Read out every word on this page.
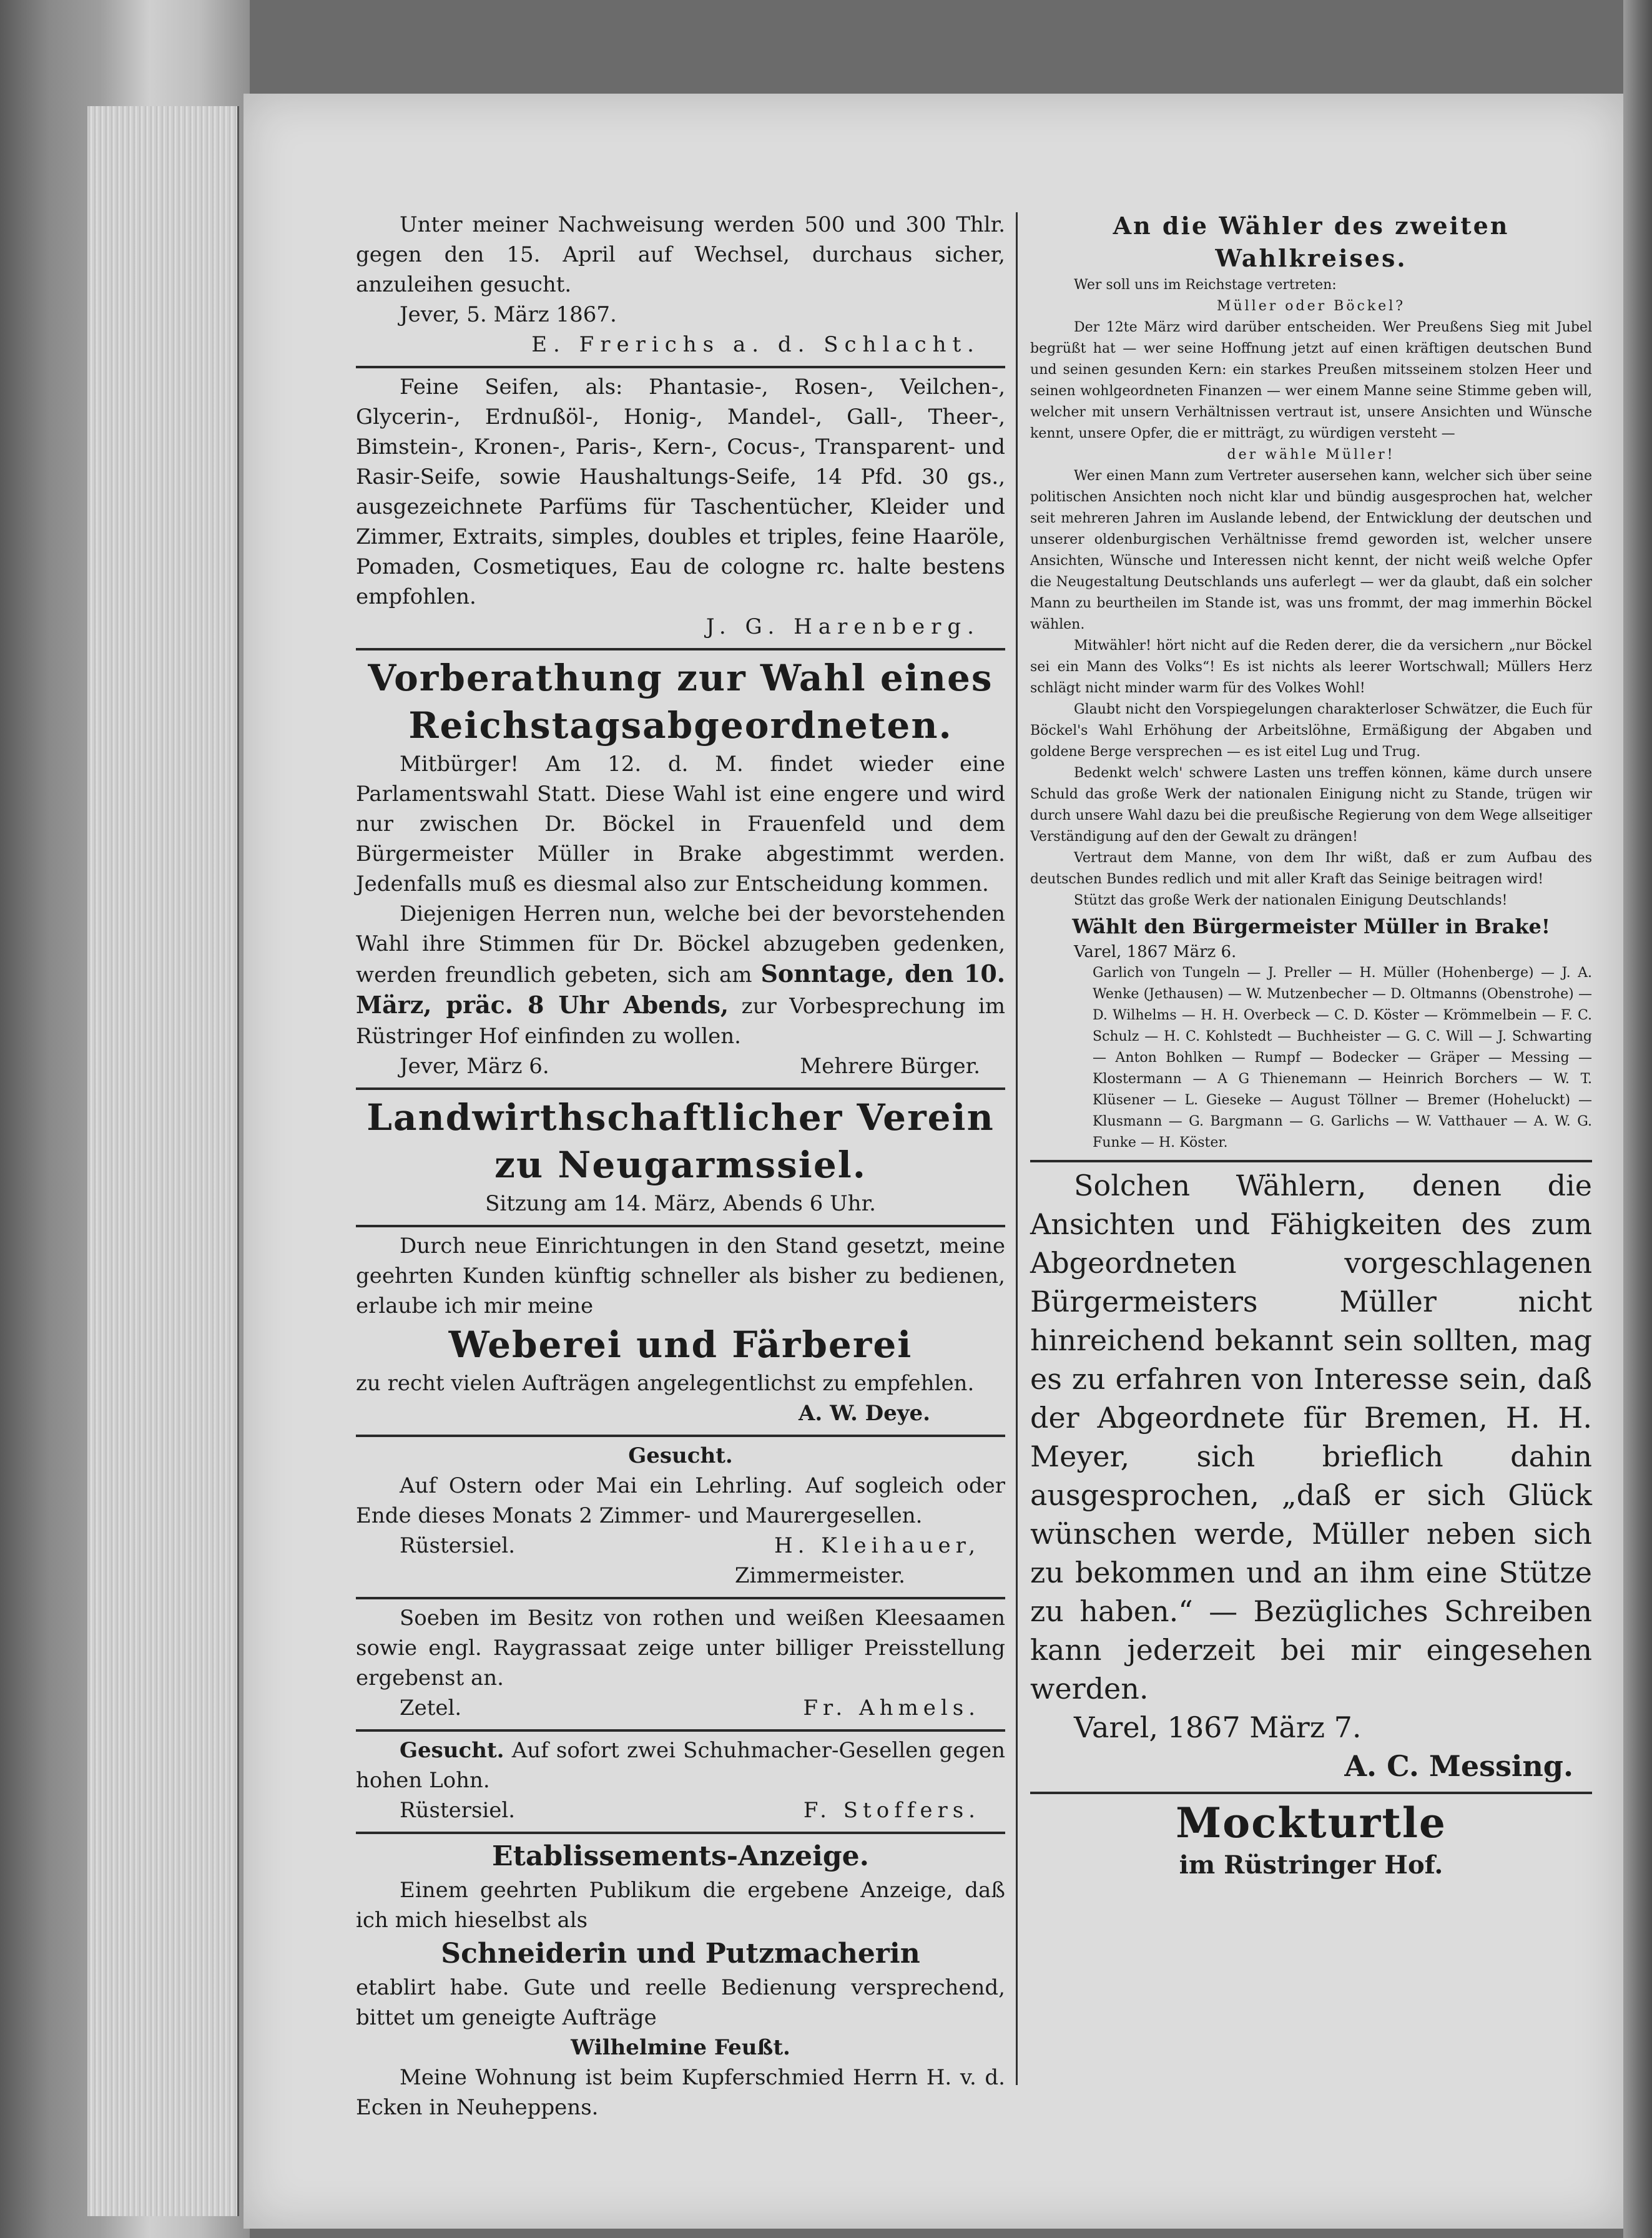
Unter meiner Nachweisung werden 500 und 300 Thlr. gegen den 15. April auf Wechsel, durchaus sicher, anzuleihen gesucht.

Jever, 5. März 1867.

E. Frerichs a. d. Schlacht.

Feine Seifen, als: Phantasie-, Rosen-, Veilchen-, Glycerin-, Erdnußöl-, Honig-, Mandel-, Gall-, Theer-, Bimstein-, Kronen-, Paris-, Kern-, Cocus-, Transparent- und Rasir-Seife, sowie Haushaltungs-Seife, 14 Pfd. 30 gs., ausgezeichnete Parfüms für Taschentücher, Kleider und Zimmer, Extraits, simples, doubles et triples, feine Haaröle, Pomaden, Cosmetiques, Eau de cologne rc. halte bestens empfohlen.

J. G. Harenberg.

Vorberathung zur Wahl eines Reichstagsabgeordneten.

Mitbürger! Am 12. d. M. findet wieder eine Parlamentswahl Statt. Diese Wahl ist eine engere und wird nur zwischen Dr. Böckel in Frauenfeld und dem Bürgermeister Müller in Brake abgestimmt werden. Jedenfalls muß es diesmal also zur Entscheidung kommen.

Diejenigen Herren nun, welche bei der bevorstehenden Wahl ihre Stimmen für Dr. Böckel abzugeben gedenken, werden freundlich gebeten, sich am Sonntage, den 10. März, präc. 8 Uhr Abends, zur Vorbesprechung im Rüstringer Hof einfinden zu wollen.

Jever, März 6.	Mehrere Bürger.

Landwirthschaftlicher Verein zu Neugarmssiel.

Sitzung am 14. März, Abends 6 Uhr.

Durch neue Einrichtungen in den Stand gesetzt, meine geehrten Kunden künftig schneller als bisher zu bedienen, erlaube ich mir meine

Weberei und Färberei

zu recht vielen Aufträgen angelegentlichst zu empfehlen.

A. W. Deye.

Gesucht.

Auf Ostern oder Mai ein Lehrling. Auf sogleich oder Ende dieses Monats 2 Zimmer- und Maurergesellen.

Rüstersiel.	H. Kleihauer,

Zimmermeister.

Soeben im Besitz von rothen und weißen Kleesaamen sowie engl. Raygrassaat zeige unter billiger Preisstellung ergebenst an.

Zetel.	Fr. Ahmels.

Gesucht. Auf sofort zwei Schuhmacher-Gesellen gegen hohen Lohn.

Rüstersiel.	F. Stoffers.

Etablissements-Anzeige.

Einem geehrten Publikum die ergebene Anzeige, daß ich mich hieselbst als

Schneiderin und Putzmacherin

etablirt habe. Gute und reelle Bedienung versprechend, bittet um geneigte Aufträge

Wilhelmine Feußt.

Meine Wohnung ist beim Kupferschmied Herrn H. v. d. Ecken in Neuheppens.

An die Wähler des zweiten Wahlkreises.

Wer soll uns im Reichstage vertreten:

Müller oder Böckel?

Der 12te März wird darüber entscheiden. Wer Preußens Sieg mit Jubel begrüßt hat — wer seine Hoffnung jetzt auf einen kräftigen deutschen Bund und seinen gesunden Kern: ein starkes Preußen mitsseinem stolzen Heer und seinen wohlgeordneten Finanzen — wer einem Manne seine Stimme geben will, welcher mit unsern Verhältnissen vertraut ist, unsere Ansichten und Wünsche kennt, unsere Opfer, die er mitträgt, zu würdigen versteht —

der wähle Müller!

Wer einen Mann zum Vertreter ausersehen kann, welcher sich über seine politischen Ansichten noch nicht klar und bündig ausgesprochen hat, welcher seit mehreren Jahren im Auslande lebend, der Entwicklung der deutschen und unserer oldenburgischen Verhältnisse fremd geworden ist, welcher unsere Ansichten, Wünsche und Interessen nicht kennt, der nicht weiß welche Opfer die Neugestaltung Deutschlands uns auferlegt — wer da glaubt, daß ein solcher Mann zu beurtheilen im Stande ist, was uns frommt, der mag immerhin Böckel wählen.

Mitwähler! hört nicht auf die Reden derer, die da versichern „nur Böckel sei ein Mann des Volks“! Es ist nichts als leerer Wortschwall; Müllers Herz schlägt nicht minder warm für des Volkes Wohl!

Glaubt nicht den Vorspiegelungen charakterloser Schwätzer, die Euch für Böckel's Wahl Erhöhung der Arbeitslöhne, Ermäßigung der Abgaben und goldene Berge versprechen — es ist eitel Lug und Trug.

Bedenkt welch' schwere Lasten uns treffen können, käme durch unsere Schuld das große Werk der nationalen Einigung nicht zu Stande, trügen wir durch unsere Wahl dazu bei die preußische Regierung von dem Wege allseitiger Verständigung auf den der Gewalt zu drängen!

Vertraut dem Manne, von dem Ihr wißt, daß er zum Aufbau des deutschen Bundes redlich und mit aller Kraft das Seinige beitragen wird!

Stützt das große Werk der nationalen Einigung Deutschlands!

Wählt den Bürgermeister Müller in Brake!

Varel, 1867 März 6.

Garlich von Tungeln — J. Preller — H. Müller (Hohenberge) — J. A. Wenke (Jethausen) — W. Mutzenbecher — D. Oltmanns (Obenstrohe) — D. Wilhelms — H. H. Overbeck — C. D. Köster — Krömmelbein — F. C. Schulz — H. C. Kohlstedt — Buchheister — G. C. Will — J. Schwarting — Anton Bohlken — Rumpf — Bodecker — Gräper — Messing — Klostermann — A G Thienemann — Heinrich Borchers — W. T. Klüsener — L. Gieseke — August Töllner — Bremer (Hoheluckt) — Klusmann — G. Bargmann — G. Garlichs — W. Vatthauer — A. W. G. Funke — H. Köster.

Solchen Wählern, denen die Ansichten und Fähigkeiten des zum Abgeordneten vorgeschlagenen Bürgermeisters Müller nicht hinreichend bekannt sein sollten, mag es zu erfahren von Interesse sein, daß der Abgeordnete für Bremen, H. H. Meyer, sich brieflich dahin ausgesprochen, „daß er sich Glück wünschen werde, Müller neben sich zu bekommen und an ihm eine Stütze zu haben.“ — Bezügliches Schreiben kann jederzeit bei mir eingesehen werden.

Varel, 1867 März 7.

A. C. Messing.

Mockturtle

im Rüstringer Hof.
